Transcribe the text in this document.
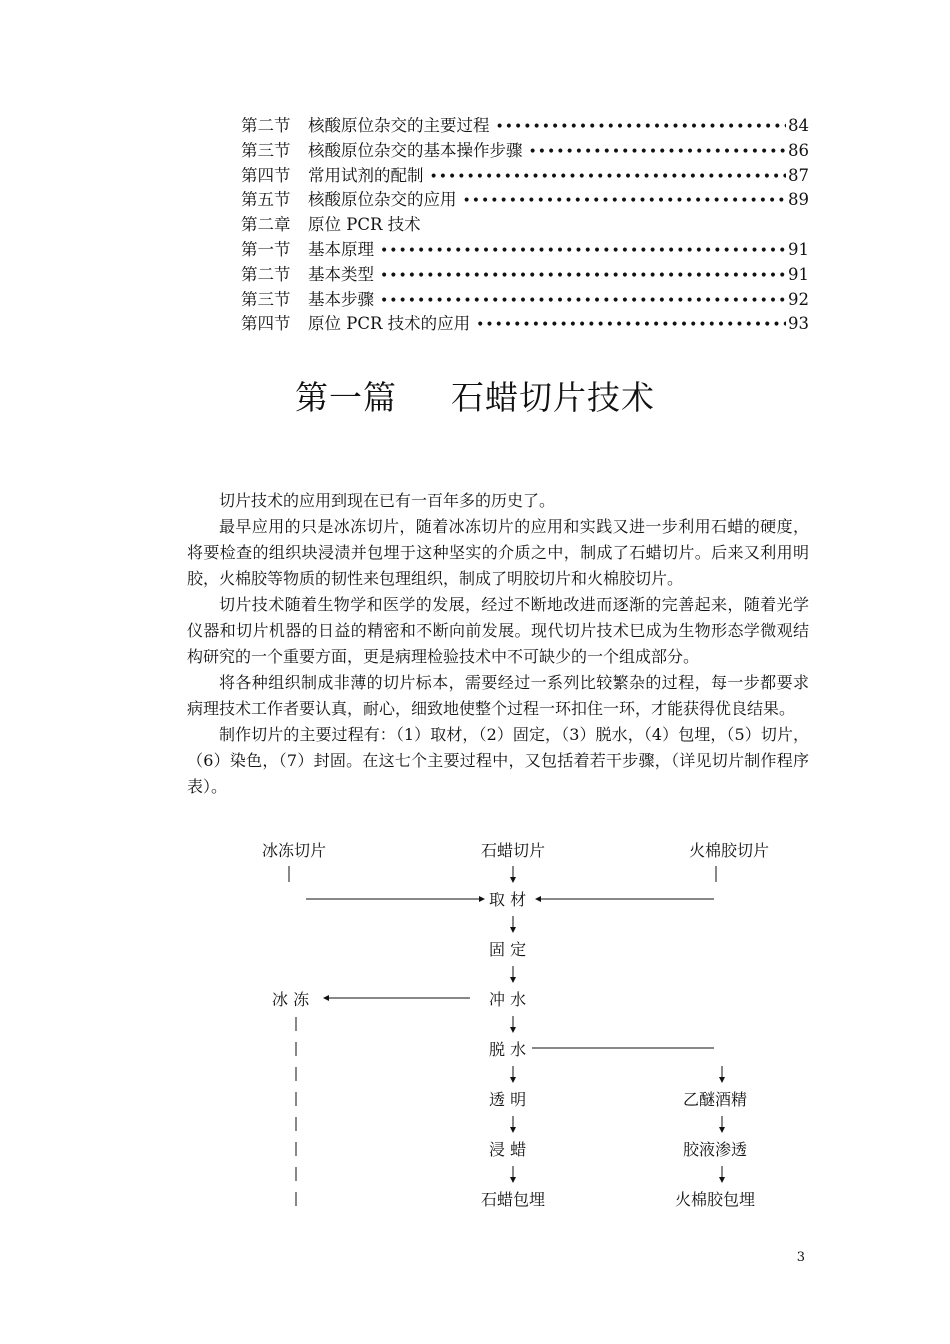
第二节	核酸原位杂交的主要过程 •••••	84
第三节	核酸原位杂交的基本操作步骤 •••••	86
第四节	常用试剂的配制 •••••	87
第五节	核酸原位杂交的应用 •••••	89
第二章	原位 PCR 技术
第一节	基本原理 •••••	91
第二节	基本类型 •••••	91
第三节	基本步骤 •••••	92
第四节	原位 PCR 技术的应用 •••••	93
第一篇 石蜡切片技术

切片技术的应用到现在已有一百年多的历史了。

最早应用的只是冰冻切片，随着冰冻切片的应用和实践又进一步利用石蜡的硬度，将要检查的组织块浸渍并包埋于这种坚实的介质之中，制成了石蜡切片。后来又利用明胶，火棉胶等物质的韧性来包理组织，制成了明胶切片和火棉胶切片。

切片技术随着生物学和医学的发展，经过不断地改进而逐渐的完善起来，随着光学仪器和切片机器的日益的精密和不断向前发展。现代切片技术巳成为生物形态学微观结构研究的一个重要方面，更是病理检验技术中不可缺少的一个组成部分。

将各种组织制成非薄的切片标本，需要经过一系列比较繁杂的过程，每一步都要求病理技术工作者要认真，耐心，细致地使整个过程一环扣住一环，才能获得优良结果。

制作切片的主要过程有：（1）取材，（2）固定，（3）脱水，（4）包埋，（5）切片，（6）染色，（7）封固。在这七个主要过程中，又包括着若干步骤，（详见切片制作程序表）。

冰冻切片	石蜡切片	火棉胶切片
取 材
固 定
冲 水
冰 冻
脱 水
透 明
浸 蜡
石蜡包埋
乙醚酒精
胶液渗透
火棉胶包埋
3
